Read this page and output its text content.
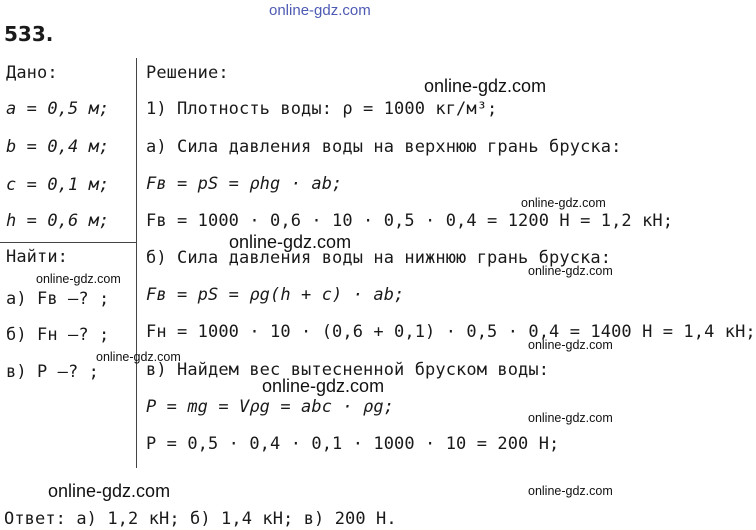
online-gdz.com
533.
Дано:
a = 0,5 м;
b = 0,4 м;
c = 0,1 м;
h = 0,6 м;
Найти:
а) Fв –? ;
б) Fн –? ;
в) P –? ;
Решение:
1) Плотность воды: ρ = 1000 кг/м³;
а) Сила давления воды на верхнюю грань бруска:
Fв = pS = ρhg · ab;
Fв = 1000 · 0,6 · 10 · 0,5 · 0,4 = 1200 Н = 1,2 кН;
б) Сила давления воды на нижнюю грань бруска:
Fв = pS = ρg(h + c) · ab;
Fн = 1000 · 10 · (0,6 + 0,1) · 0,5 · 0,4 = 1400 Н = 1,4 кН;
в) Найдем вес вытесненной бруском воды:
P = mg = Vρg = abc · ρg;
P = 0,5 · 0,4 · 0,1 · 1000 · 10 = 200 Н;
Ответ: а) 1,2 кН; б) 1,4 кН; в) 200 Н.
online-gdz.com
online-gdz.com
online-gdz.com
online-gdz.com
online-gdz.com
online-gdz.com
online-gdz.com
online-gdz.com
online-gdz.com
online-gdz.com	online-gdz.com
